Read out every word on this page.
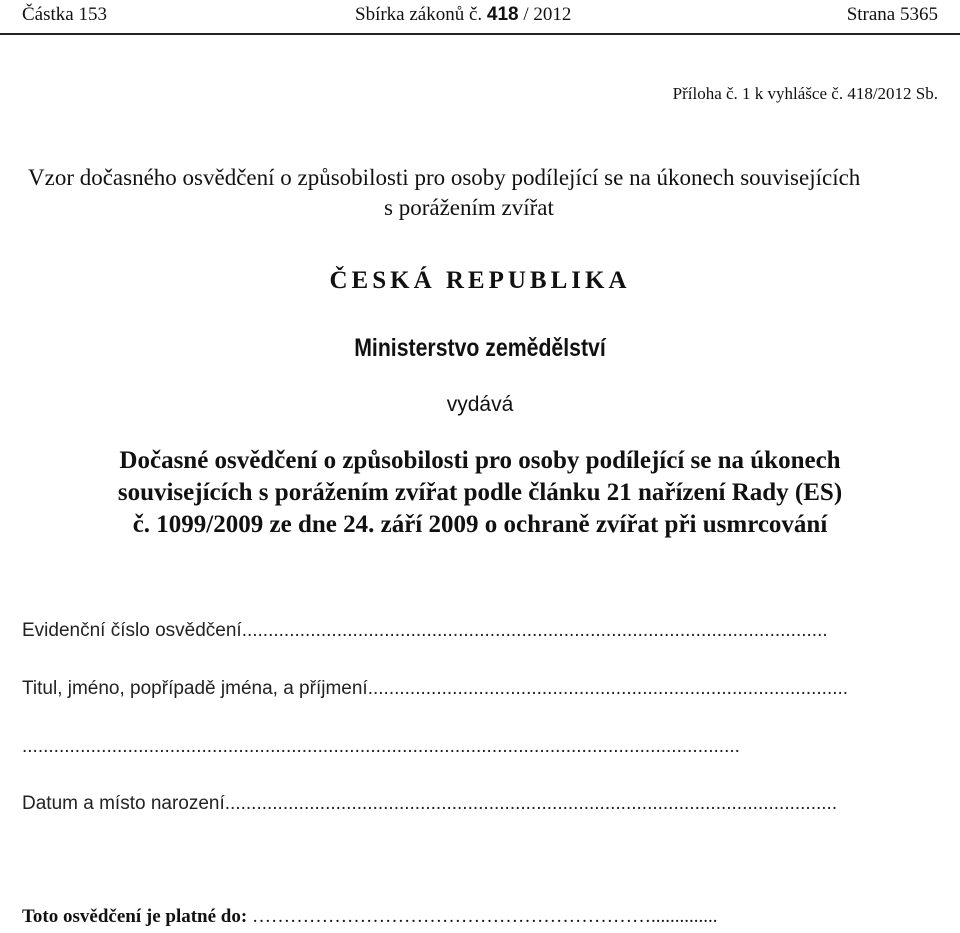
Částka 153	Sbírka zákonů č. 418 / 2012	Strana 5365
Příloha č. 1 k vyhlášce č. 418/2012 Sb.
Vzor dočasného osvědčení o způsobilosti pro osoby podílející se na úkonech souvisejících
s porážením zvířat
ČESKÁ REPUBLIKA
Ministerstvo zemědělství
vydává
Dočasné osvědčení o způsobilosti pro osoby podílející se na úkonech
souvisejících s porážením zvířat podle článku 21 nařízení Rady (ES)
č. 1099/2009 ze dne 24. září 2009 o ochraně zvířat při usmrcování
Evidenční číslo osvědčení...............................................................................................................
Titul, jméno, popřípadě jména, a příjmení...........................................................................................
........................................................................................................................................
Datum a místo narození....................................................................................................................
Toto osvědčení je platné do: ………………………………………………………..............
